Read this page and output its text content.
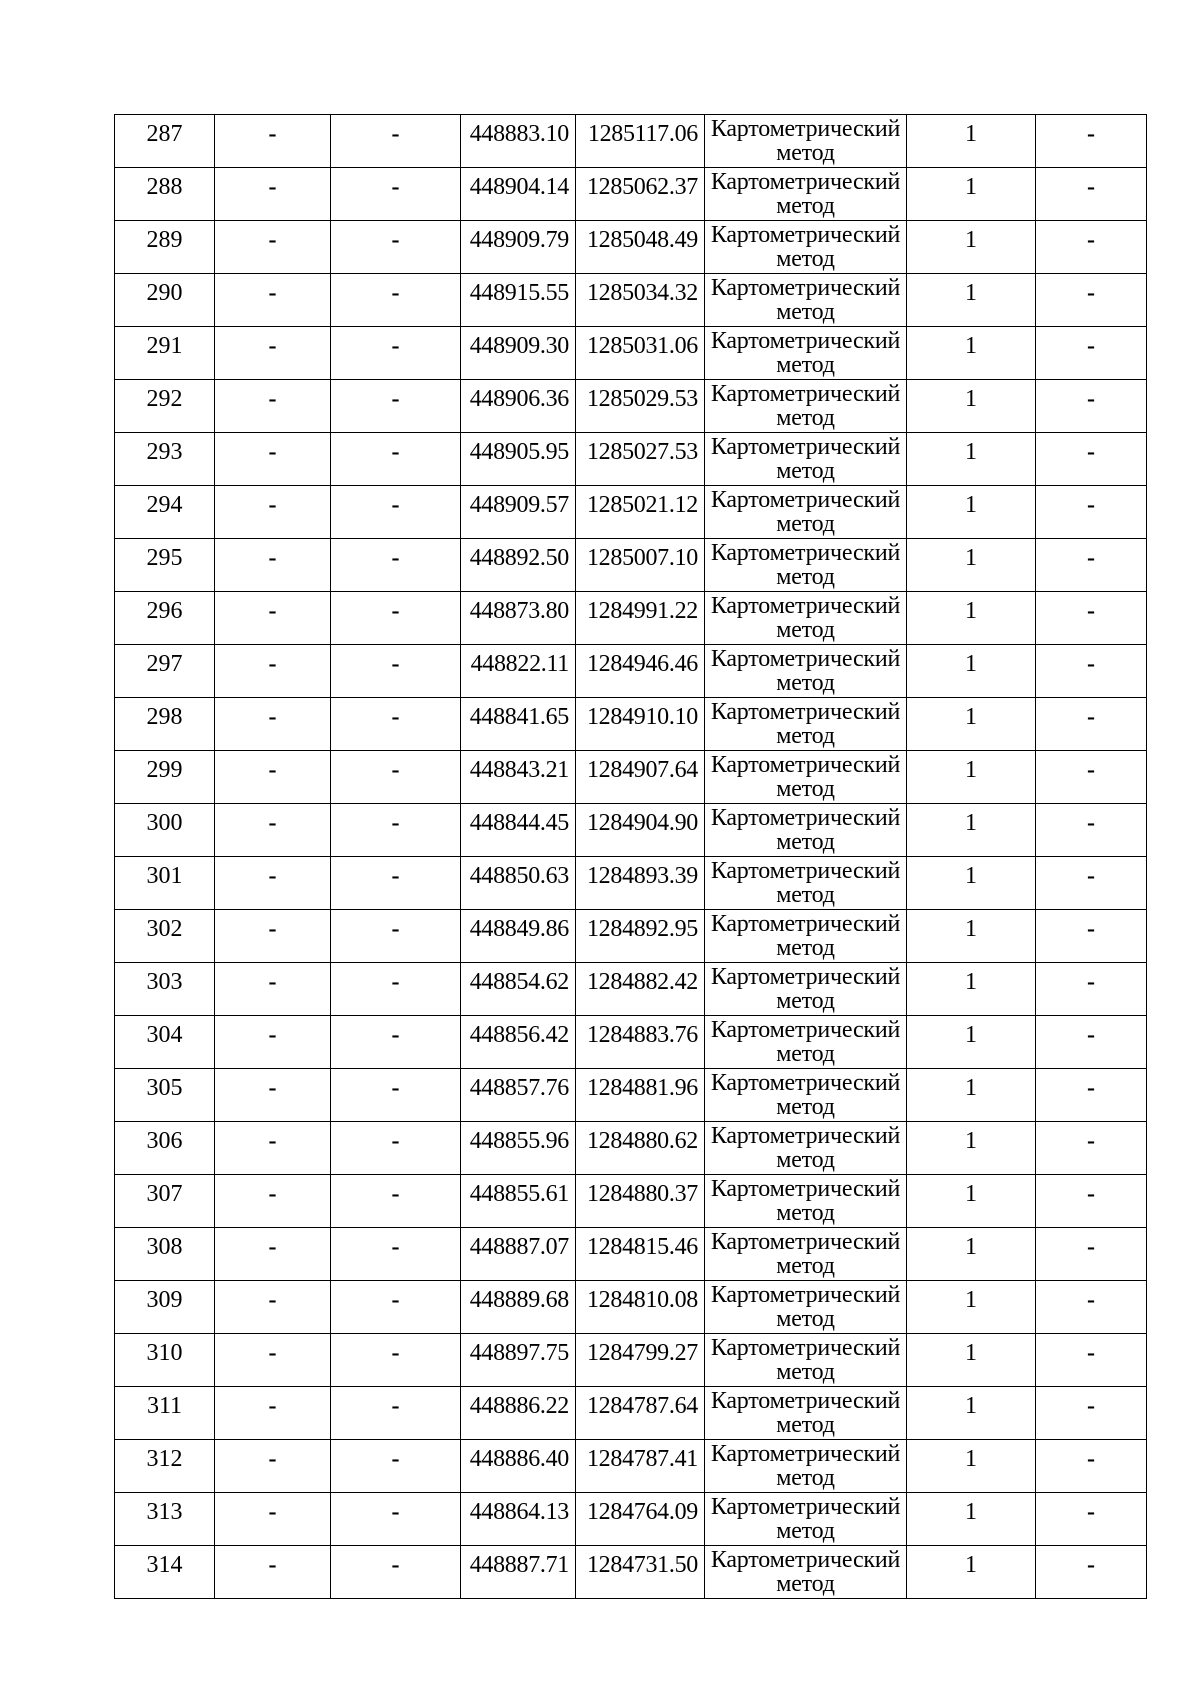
287	-	-	448883.10	1285117.06	Картометрический
метод	1	-
288	-	-	448904.14	1285062.37	Картометрический
метод	1	-
289	-	-	448909.79	1285048.49	Картометрический
метод	1	-
290	-	-	448915.55	1285034.32	Картометрический
метод	1	-
291	-	-	448909.30	1285031.06	Картометрический
метод	1	-
292	-	-	448906.36	1285029.53	Картометрический
метод	1	-
293	-	-	448905.95	1285027.53	Картометрический
метод	1	-
294	-	-	448909.57	1285021.12	Картометрический
метод	1	-
295	-	-	448892.50	1285007.10	Картометрический
метод	1	-
296	-	-	448873.80	1284991.22	Картометрический
метод	1	-
297	-	-	448822.11	1284946.46	Картометрический
метод	1	-
298	-	-	448841.65	1284910.10	Картометрический
метод	1	-
299	-	-	448843.21	1284907.64	Картометрический
метод	1	-
300	-	-	448844.45	1284904.90	Картометрический
метод	1	-
301	-	-	448850.63	1284893.39	Картометрический
метод	1	-
302	-	-	448849.86	1284892.95	Картометрический
метод	1	-
303	-	-	448854.62	1284882.42	Картометрический
метод	1	-
304	-	-	448856.42	1284883.76	Картометрический
метод	1	-
305	-	-	448857.76	1284881.96	Картометрический
метод	1	-
306	-	-	448855.96	1284880.62	Картометрический
метод	1	-
307	-	-	448855.61	1284880.37	Картометрический
метод	1	-
308	-	-	448887.07	1284815.46	Картометрический
метод	1	-
309	-	-	448889.68	1284810.08	Картометрический
метод	1	-
310	-	-	448897.75	1284799.27	Картометрический
метод	1	-
311	-	-	448886.22	1284787.64	Картометрический
метод	1	-
312	-	-	448886.40	1284787.41	Картометрический
метод	1	-
313	-	-	448864.13	1284764.09	Картометрический
метод	1	-
314	-	-	448887.71	1284731.50	Картометрический
метод	1	-
